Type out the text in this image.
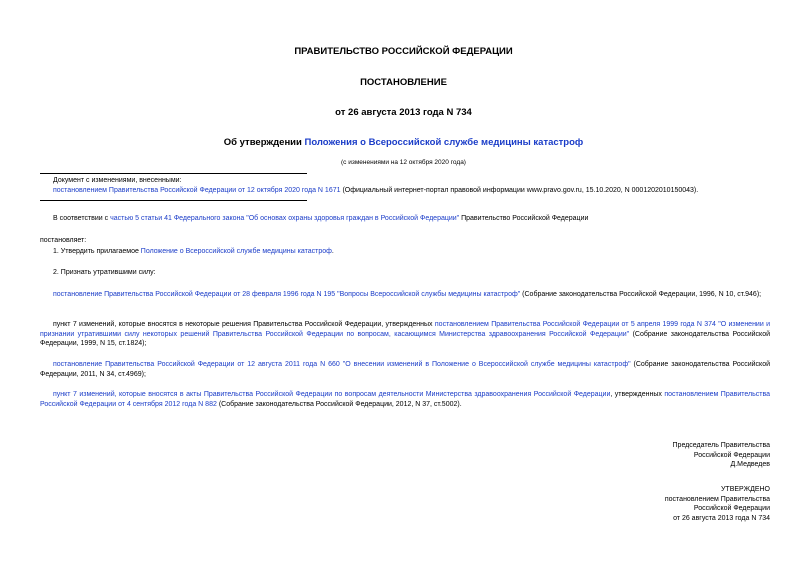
ПРАВИТЕЛЬСТВО РОССИЙСКОЙ ФЕДЕРАЦИИ
ПОСТАНОВЛЕНИЕ
от 26 августа 2013 года N 734
Об утверждении Положения о Всероссийской службе медицины катастроф
(с изменениями на 12 октября 2020 года)
Документ с изменениями, внесенными:
постановлением Правительства Российской Федерации от 12 октября 2020 года N 1671 (Официальный интернет-портал правовой информации www.pravo.gov.ru, 15.10.2020, N 0001202010150043).
В соответствии с частью 5 статьи 41 Федерального закона "Об основах охраны здоровья граждан в Российской Федерации" Правительство Российской Федерации
постановляет:
1. Утвердить прилагаемое Положение о Всероссийской службе медицины катастроф.
2. Признать утратившими силу:
постановление Правительства Российской Федерации от 28 февраля 1996 года N 195 "Вопросы Всероссийской службы медицины катастроф" (Собрание законодательства Российской Федерации, 1996, N 10, ст.946);
пункт 7 изменений, которые вносятся в некоторые решения Правительства Российской Федерации, утвержденных постановлением Правительства Российской Федерации от 5 апреля 1999 года N 374 "О изменении и признании утратившими силу некоторых решений Правительства Российской Федерации по вопросам, касающимся Министерства здравоохранения Российской Федерации" (Собрание законодательства Российской Федерации, 1999, N 15, ст.1824);
постановление Правительства Российской Федерации от 12 августа 2011 года N 660 "О внесении изменений в Положение о Всероссийской службе медицины катастроф" (Собрание законодательства Российской Федерации, 2011, N 34, ст.4969);
пункт 7 изменений, которые вносятся в акты Правительства Российской Федерации по вопросам деятельности Министерства здравоохранения Российской Федерации, утвержденных постановлением Правительства Российской Федерации от 4 сентября 2012 года N 882 (Собрание законодательства Российской Федерации, 2012, N 37, ст.5002).
Председатель Правительства
Российской Федерации
Д.Медведев
УТВЕРЖДЕНО
постановлением Правительства
Российской Федерации
от 26 августа 2013 года N 734
